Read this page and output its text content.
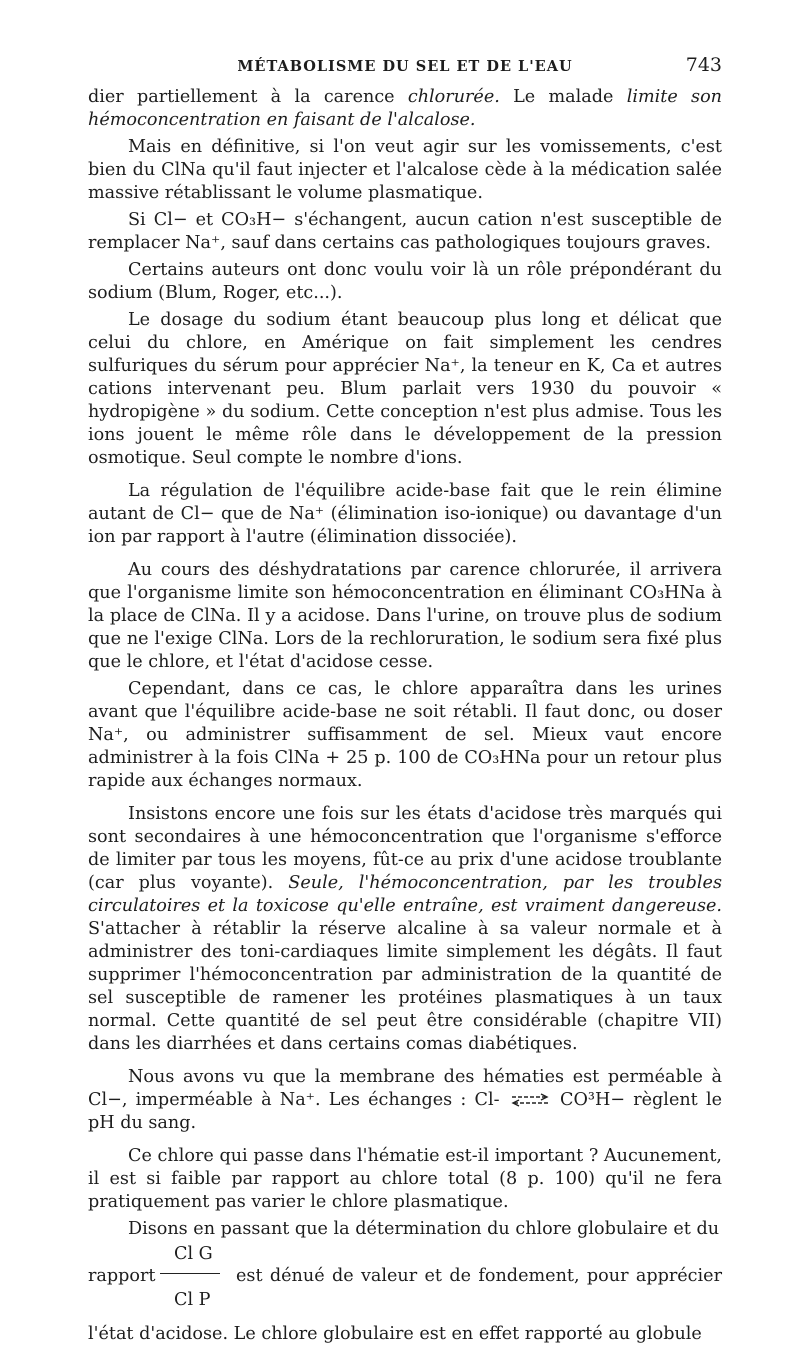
MÉTABOLISME DU SEL ET DE L'EAU	743

dier partiellement à la carence chlorurée. Le malade limite son hémoconcentration en faisant de l'alcalose.

Mais en définitive, si l'on veut agir sur les vomissements, c'est bien du ClNa qu'il faut injecter et l'alcalose cède à la médication salée massive rétablissant le volume plasmatique.

Si Cl− et CO₃H− s'échangent, aucun cation n'est susceptible de remplacer Na⁺, sauf dans certains cas pathologiques toujours graves.

Certains auteurs ont donc voulu voir là un rôle prépondérant du sodium (Blum, Roger, etc...).

Le dosage du sodium étant beaucoup plus long et délicat que celui du chlore, en Amérique on fait simplement les cendres sulfuriques du sérum pour apprécier Na⁺, la teneur en K, Ca et autres cations intervenant peu. Blum parlait vers 1930 du pouvoir « hydropigène » du sodium. Cette conception n'est plus admise. Tous les ions jouent le même rôle dans le développement de la pression osmotique. Seul compte le nombre d'ions.

La régulation de l'équilibre acide-base fait que le rein élimine autant de Cl− que de Na⁺ (élimination iso-ionique) ou davantage d'un ion par rapport à l'autre (élimination dissociée).

Au cours des déshydratations par carence chlorurée, il arrivera que l'organisme limite son hémoconcentration en éliminant CO₃HNa à la place de ClNa. Il y a acidose. Dans l'urine, on trouve plus de sodium que ne l'exige ClNa. Lors de la rechloruration, le sodium sera fixé plus que le chlore, et l'état d'acidose cesse.

Cependant, dans ce cas, le chlore apparaîtra dans les urines avant que l'équilibre acide-base ne soit rétabli. Il faut donc, ou doser Na⁺, ou administrer suffisamment de sel. Mieux vaut encore administrer à la fois ClNa + 25 p. 100 de CO₃HNa pour un retour plus rapide aux échanges normaux.

Insistons encore une fois sur les états d'acidose très marqués qui sont secondaires à une hémoconcentration que l'organisme s'efforce de limiter par tous les moyens, fût-ce au prix d'une acidose troublante (car plus voyante). Seule, l'hémoconcentration, par les troubles circulatoires et la toxicose qu'elle entraîne, est vraiment dangereuse. S'attacher à rétablir la réserve alcaline à sa valeur normale et à administrer des toni-cardiaques limite simplement les dégâts. Il faut supprimer l'hémoconcentration par administration de la quantité de sel susceptible de ramener les protéines plasmatiques à un taux normal. Cette quantité de sel peut être considérable (chapitre VII) dans les diarrhées et dans certains comas diabétiques.

Nous avons vu que la membrane des hématies est perméable à Cl−, imperméable à Na⁺. Les échanges : Cl- ⇌ CO³H− règlent le pH du sang.

Ce chlore qui passe dans l'hématie est-il important ? Aucunement, il est si faible par rapport au chlore total (8 p. 100) qu'il ne fera pratiquement pas varier le chlore plasmatique.

Disons en passant que la détermination du chlore globulaire et du

Cl G
rapport	est dénué de valeur et de fondement, pour apprécier
Cl P

l'état d'acidose. Le chlore globulaire est en effet rapporté au globule
